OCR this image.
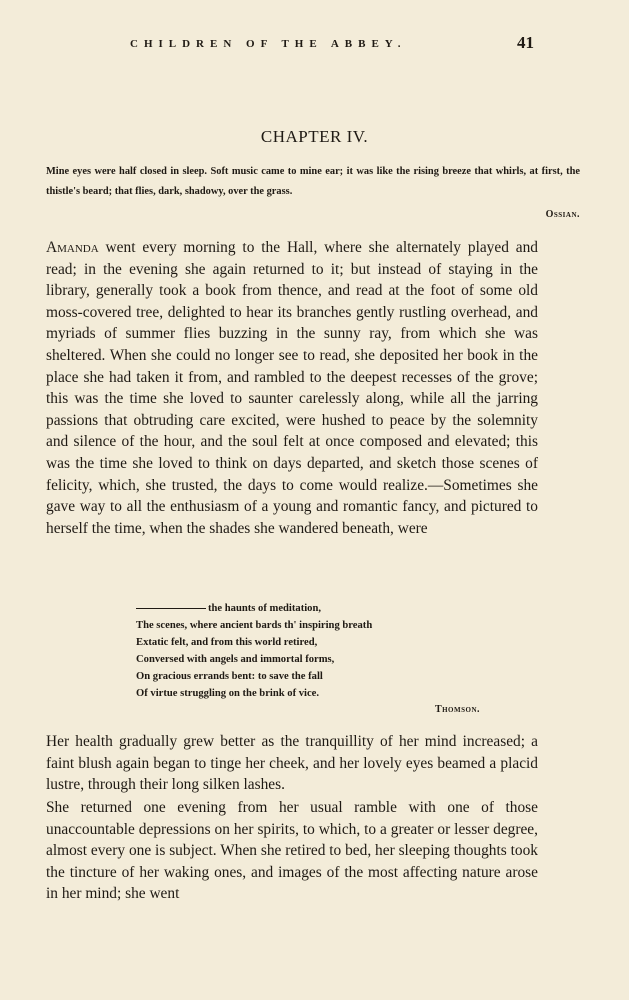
CHILDREN OF THE ABBEY.	41
CHAPTER IV.
Mine eyes were half closed in sleep. Soft music came to mine ear; it was like the rising breeze that whirls, at first, the thistle's beard; that flies, dark, shadowy, over the grass.
Ossian.

Amanda went every morning to the Hall, where she alternately played and read; in the evening she again returned to it; but instead of staying in the library, generally took a book from thence, and read at the foot of some old moss-covered tree, delighted to hear its branches gently rustling overhead, and myriads of summer flies buzzing in the sunny ray, from which she was sheltered. When she could no longer see to read, she deposited her book in the place she had taken it from, and rambled to the deepest recesses of the grove; this was the time she loved to saunter carelessly along, while all the jarring passions that obtruding care excited, were hushed to peace by the solemnity and silence of the hour, and the soul felt at once composed and elevated; this was the time she loved to think on days departed, and sketch those scenes of felicity, which, she trusted, the days to come would realize.—Sometimes she gave way to all the enthusiasm of a young and romantic fancy, and pictured to herself the time, when the shades she wandered beneath, were

the haunts of meditation,
The scenes, where ancient bards th' inspiring breath
Extatic felt, and from this world retired,
Conversed with angels and immortal forms,
On gracious errands bent: to save the fall
Of virtue struggling on the brink of vice.
Thomson.

Her health gradually grew better as the tranquillity of her mind increased; a faint blush again began to tinge her cheek, and her lovely eyes beamed a placid lustre, through their long silken lashes.

She returned one evening from her usual ramble with one of those unaccountable depressions on her spirits, to which, to a greater or lesser degree, almost every one is subject. When she retired to bed, her sleeping thoughts took the tincture of her waking ones, and images of the most affecting nature arose in her mind; she went
